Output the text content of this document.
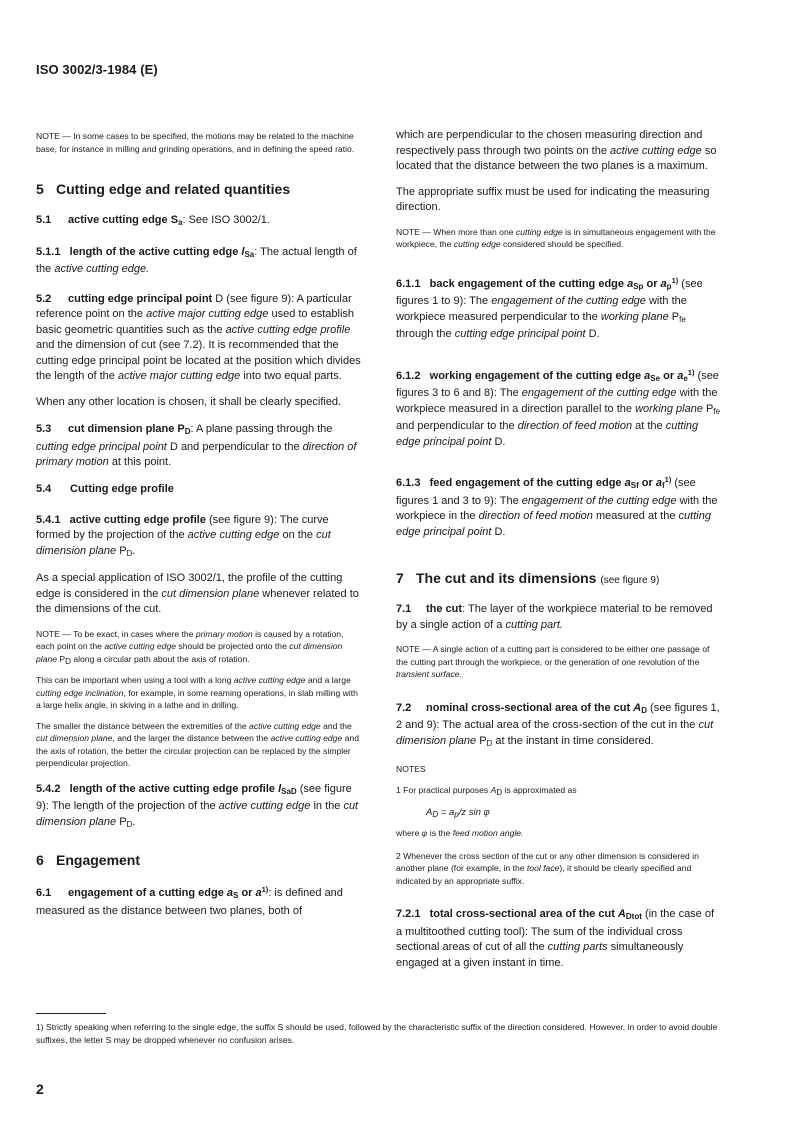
ISO 3002/3-1984 (E)

NOTE — In some cases to be specified, the motions may be related to the machine base, for instance in milling and grinding operations, and in defining the speed ratio.

5 Cutting edge and related quantities

5.1 active cutting edge $S_a$: See ISO 3002/1.

5.1.1 length of the active cutting edge $l_{Sa}$: The actual length of the active cutting edge.

5.2 cutting edge principal point D (see figure 9): A particular reference point on the active major cutting edge used to establish basic geometric quantities such as the active cutting edge profile and the dimension of cut (see 7.2). It is recommended that the cutting edge principal point be located at the position which divides the length of the active major cutting edge into two equal parts.

When any other location is chosen, it shall be clearly specified.

5.3 cut dimension plane $P_D$: A plane passing through the cutting edge principal point D and perpendicular to the direction of primary motion at this point.

5.4 Cutting edge profile

5.4.1 active cutting edge profile (see figure 9): The curve formed by the projection of the active cutting edge on the cut dimension plane $P_D$.

As a special application of ISO 3002/1, the profile of the cutting edge is considered in the cut dimension plane whenever related to the dimensions of the cut.

NOTE — To be exact, in cases where the primary motion is caused by a rotation, each point on the active cutting edge should be projected onto the cut dimension plane PD along a circular path about the axis of rotation.

This can be important when using a tool with a long active cutting edge and a large cutting edge inclination, for example, in some reaming operations, in slab milling with a large helix angle, in skiving in a lathe and in drilling.

The smaller the distance between the extremities of the active cutting edge and the cut dimension plane, and the larger the distance between the active cutting edge and the axis of rotation, the better the circular projection can be replaced by the simpler perpendicular projection.

5.4.2 length of the active cutting edge profile $l_{SaD}$ (see figure 9): The length of the projection of the active cutting edge in the cut dimension plane $P_D$.

6 Engagement

6.1 engagement of a cutting edge $a_S$ or $a^{1)}$: is defined and measured as the distance between two planes, both of

which are perpendicular to the chosen measuring direction and respectively pass through two points on the active cutting edge so located that the distance between the two planes is a maximum.

The appropriate suffix must be used for indicating the measuring direction.

NOTE — When more than one cutting edge is in simultaneous engagement with the workpiece, the cutting edge considered should be specified.

6.1.1 back engagement of the cutting edge $a_{Sp}$ or $a_p^{1)}$ (see figures 1 to 9): The engagement of the cutting edge with the workpiece measured perpendicular to the working plane $P_{fe}$ through the cutting edge principal point D.

6.1.2 working engagement of the cutting edge $a_{Se}$ or $a_e^{1)}$ (see figures 3 to 6 and 8): The engagement of the cutting edge with the workpiece measured in a direction parallel to the working plane $P_{fe}$ and perpendicular to the direction of feed motion at the cutting edge principal point D.

6.1.3 feed engagement of the cutting edge $a_{Sf}$ or $a_f^{1)}$ (see figures 1 and 3 to 9): The engagement of the cutting edge with the workpiece in the direction of feed motion measured at the cutting edge principal point D.

7 The cut and its dimensions (see figure 9)

7.1 the cut: The layer of the workpiece material to be removed by a single action of a cutting part.

NOTE — A single action of a cutting part is considered to be either one passage of the cutting part through the workpiece, or the generation of one revolution of the transient surface.

7.2 nominal cross-sectional area of the cut $A_D$ (see figures 1, 2 and 9): The actual area of the cross-section of the cut in the cut dimension plane $P_D$ at the instant in time considered.

NOTES

1 For practical purposes AD is approximated as

$A_D = a_p/z$ sin φ

where φ is the feed motion angle.

2 Whenever the cross section of the cut or any other dimension is considered in another plane (for example, in the tool face), it should be clearly specified and indicated by an appropriate suffix.

7.2.1 total cross-sectional area of the cut $A_{Dtot}$ (in the case of a multitoothed cutting tool): The sum of the individual cross sectional areas of cut of all the cutting parts simultaneously engaged at a given instant in time.

1) Strictly speaking when referring to the single edge, the suffix S should be used, followed by the characteristic suffix of the direction considered. However, in order to avoid double suffixes, the letter S may be dropped whenever no confusion arises.
2
